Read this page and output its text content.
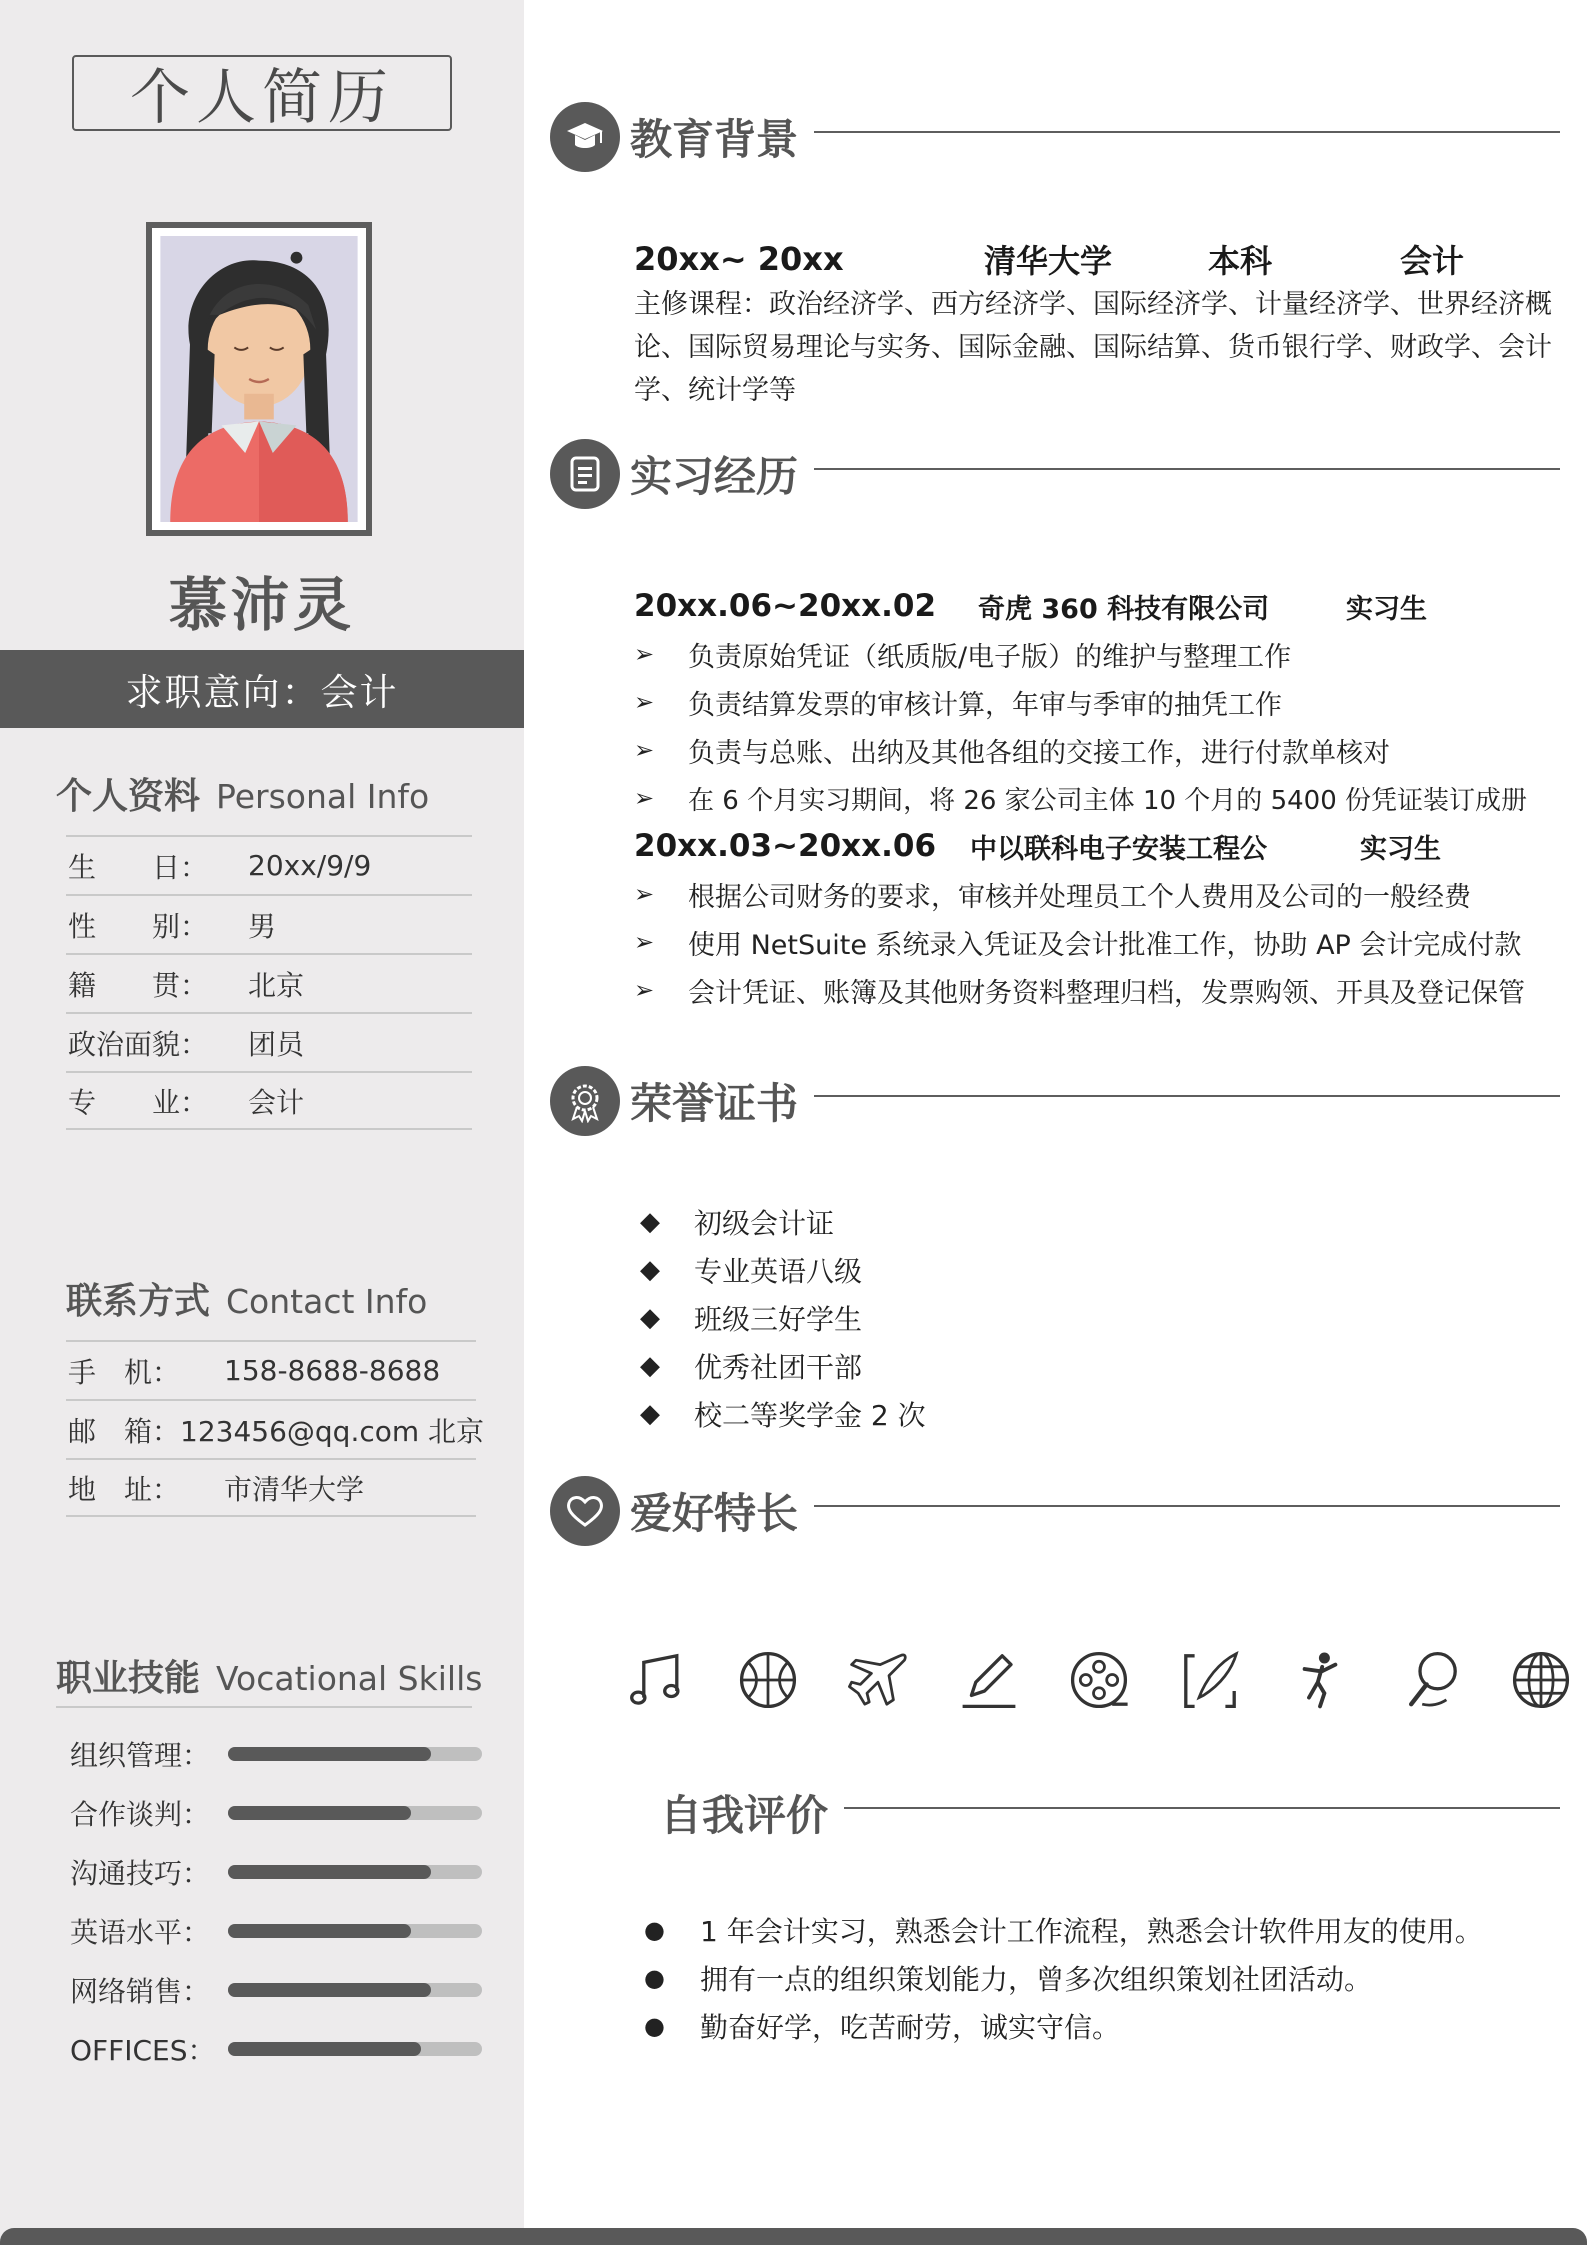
个人简历
慕沛灵
求职意向：会计
个人资料 Personal Info
生　　日：	20xx/9/9
性　　别：	男
籍　　贯：	北京
政治面貌：	团员
专　　业：	会计
联系方式 Contact Info
手　机：	158-8688-8688
邮　箱： 123456@qq.com 北京
地　址：	市清华大学
职业技能 Vocational Skills
组织管理：
合作谈判：
沟通技巧：
英语水平：
网络销售：
OFFICES：
教育背景
20xx~ 20xx	清华大学	本科	会计
主修课程：政治经济学、西方经济学、国际经济学、计量经济学、世界经济概论、国际贸易理论与实务、国际金融、国际结算、货币银行学、财政学、会计学、统计学等
实习经历
20xx.06~20xx.02	奇虎 360 科技有限公司	实习生
➢	负责原始凭证（纸质版/电子版）的维护与整理工作
➢	负责结算发票的审核计算，年审与季审的抽凭工作
➢	负责与总账、出纳及其他各组的交接工作，进行付款单核对
➢	在 6 个月实习期间，将 26 家公司主体 10 个月的 5400 份凭证装订成册
20xx.03~20xx.06	中以联科电子安装工程公	实习生
➢	根据公司财务的要求，审核并处理员工个人费用及公司的一般经费
➢	使用 NetSuite 系统录入凭证及会计批准工作，协助 AP 会计完成付款
➢	会计凭证、账簿及其他财务资料整理归档，发票购领、开具及登记保管
荣誉证书
◆	初级会计证
◆	专业英语八级
◆	班级三好学生
◆	优秀社团干部
◆	校二等奖学金 2 次
爱好特长
自我评价
●	1 年会计实习，熟悉会计工作流程，熟悉会计软件用友的使用。
●	拥有一点的组织策划能力，曾多次组织策划社团活动。
●	勤奋好学，吃苦耐劳，诚实守信。
